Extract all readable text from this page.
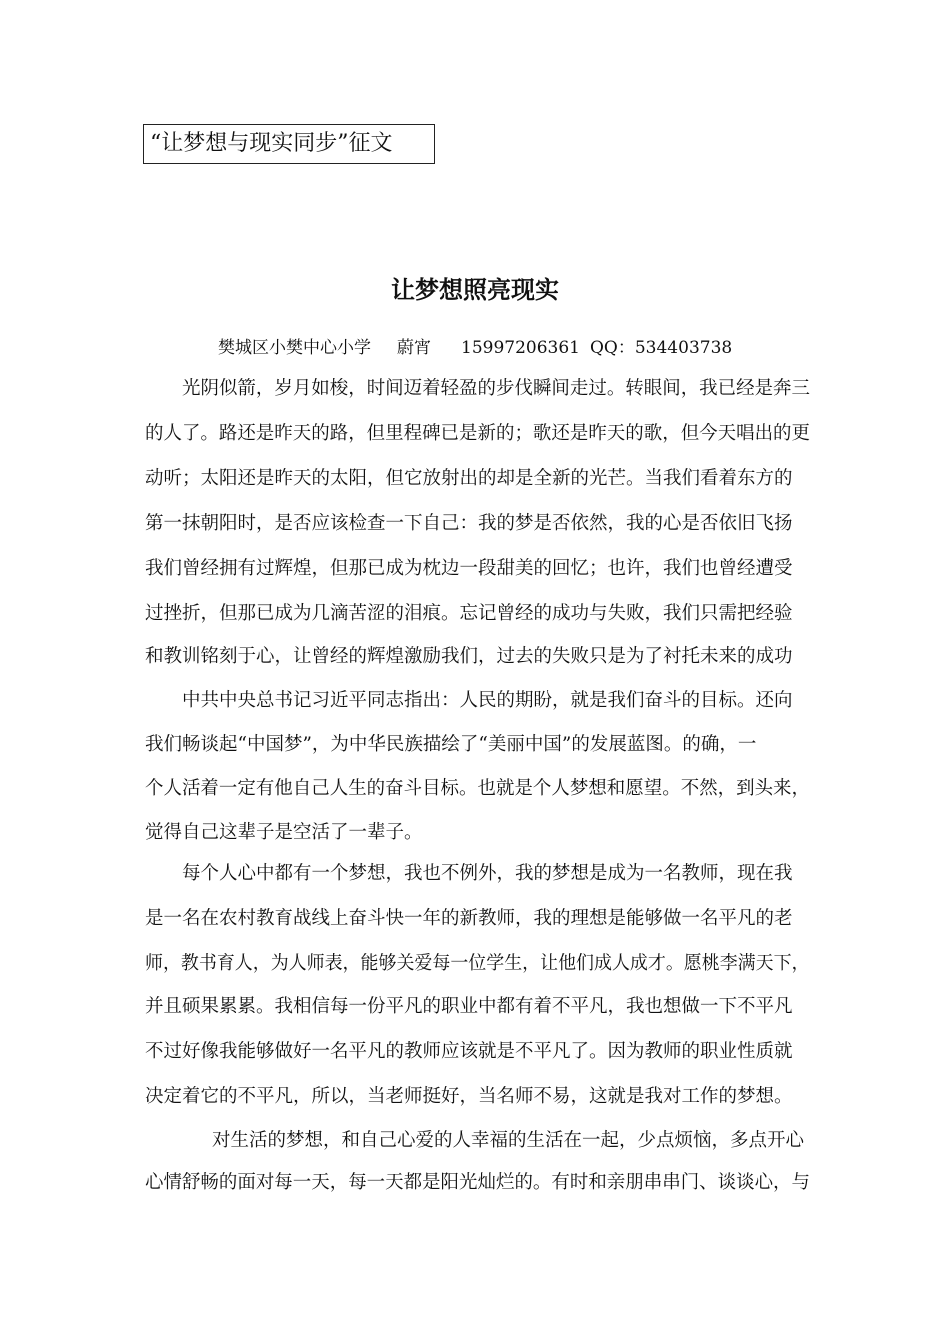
“让梦想与现实同步”征文
让梦想照亮现实
樊城区小樊中心小学 蔚宵 15997206361 QQ：534403738
光阴似箭，岁月如梭，时间迈着轻盈的步伐瞬间走过。转眼间，我已经是奔三
的人了。路还是昨天的路，但里程碑已是新的；歌还是昨天的歌，但今天唱出的更
动听；太阳还是昨天的太阳，但它放射出的却是全新的光芒。当我们看着东方的
第一抹朝阳时，是否应该检查一下自己：我的梦是否依然，我的心是否依旧飞扬
我们曾经拥有过辉煌，但那已成为枕边一段甜美的回忆；也许，我们也曾经遭受
过挫折，但那已成为几滴苦涩的泪痕。忘记曾经的成功与失败，我们只需把经验
和教训铭刻于心，让曾经的辉煌激励我们，过去的失败只是为了衬托未来的成功
中共中央总书记习近平同志指出：人民的期盼，就是我们奋斗的目标。还向
我们畅谈起“中国梦”，为中华民族描绘了“美丽中国”的发展蓝图。的确，一
个人活着一定有他自己人生的奋斗目标。也就是个人梦想和愿望。不然，到头来，
觉得自己这辈子是空活了一辈子。
每个人心中都有一个梦想，我也不例外，我的梦想是成为一名教师，现在我
是一名在农村教育战线上奋斗快一年的新教师，我的理想是能够做一名平凡的老
师，教书育人，为人师表，能够关爱每一位学生，让他们成人成才。愿桃李满天下，
并且硕果累累。我相信每一份平凡的职业中都有着不平凡，我也想做一下不平凡
不过好像我能够做好一名平凡的教师应该就是不平凡了。因为教师的职业性质就
决定着它的不平凡，所以，当老师挺好，当名师不易，这就是我对工作的梦想。
对生活的梦想，和自己心爱的人幸福的生活在一起，少点烦恼，多点开心
心情舒畅的面对每一天，每一天都是阳光灿烂的。有时和亲朋串串门、谈谈心，与
